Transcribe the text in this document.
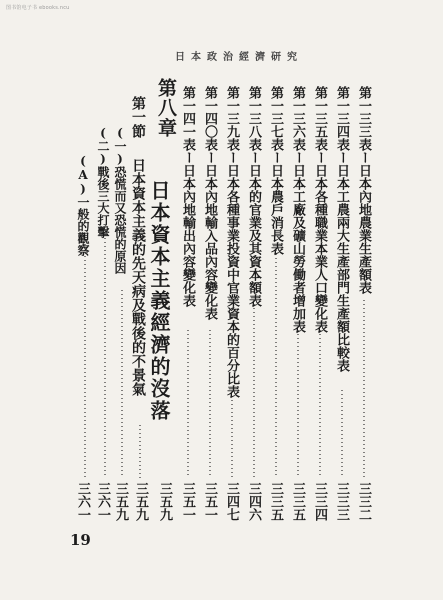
图书馆电子书 ebooks.ncu
日 本 政 治 經 濟 研 究
第一三三表ー日本內地農業生產額表
三三二
第一三四表ー日本工農兩大生產部門生產額比較表
三三三
第一三五表ー日本各種職業本業人口變化表
三三四
第一三六表ー日本工廠及礦山勞働者增加表
三三五
第一三七表ー日本農戶消長表
三三五
第一三八表ー日本的官業及其資本額表
三四六
第一三九表ー日本各種事業投資中官業資本的百分比表
三四七
第一四〇表ー日本內地輸入品內容變化表
三五一
第一四一表ー日本內地輸出內容變化表
三五一
第八章
日本資本主義經濟的沒落
三五九
第一節
日本資本主義的先天病及戰後的不景氣
三五九
(一)恐慌而又恐慌的原因
三五九
(二)戰後三大打擊
三六一
(A)一般的觀察
三六一
19
